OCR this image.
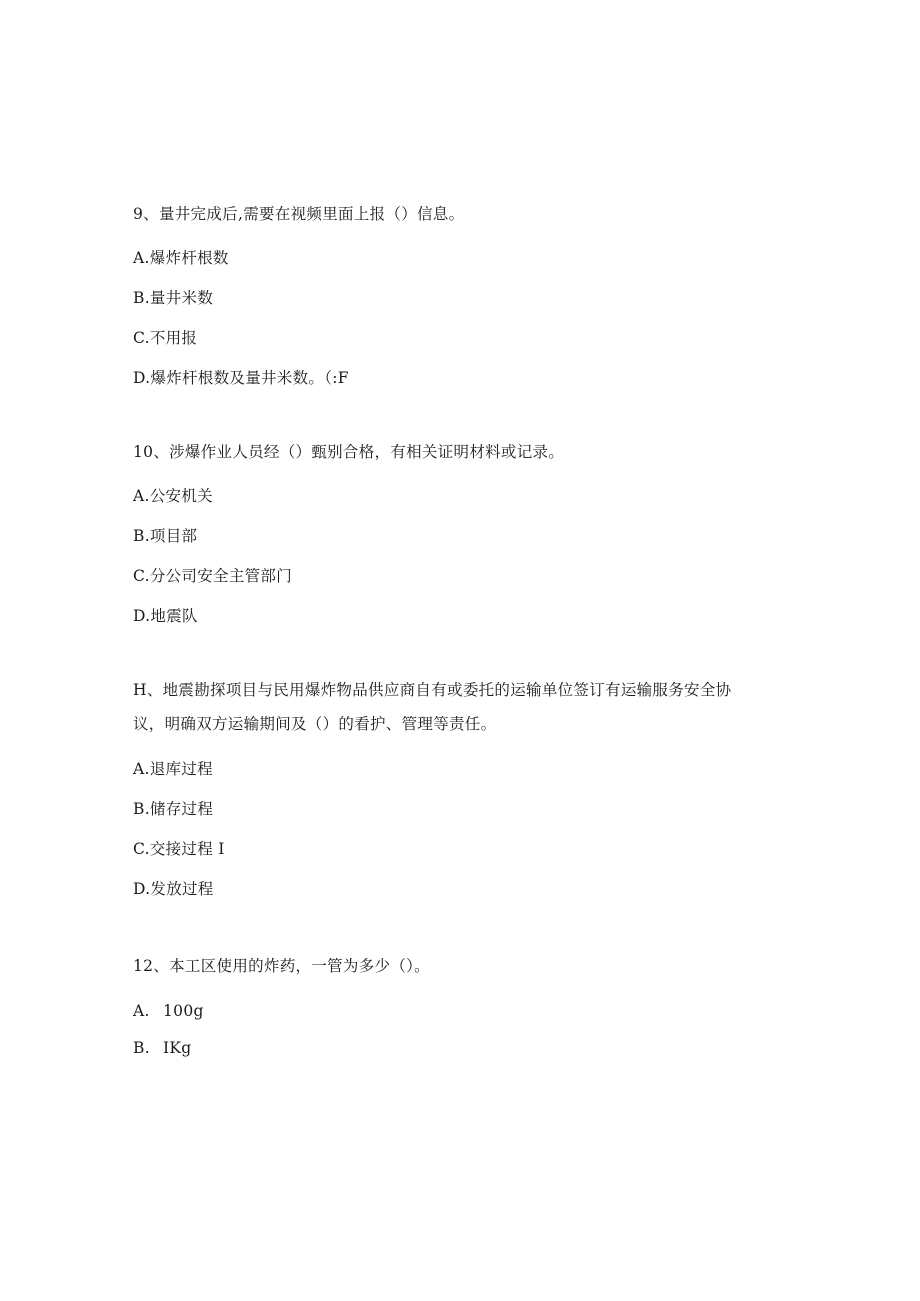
9、量井完成后,需要在视频里面上报（）信息。
A.爆炸杆根数
B.量井米数
C.不用报
D.爆炸杆根数及量井米数。（:F
10、涉爆作业人员经（）甄别合格，有相关证明材料或记录。
A.公安机关
B.项目部
C.分公司安全主管部门
D.地震队
H、地震勘探项目与民用爆炸物品供应商自有或委托的运输单位签订有运输服务安全协
议，明确双方运输期间及（）的看护、管理等责任。
A.退库过程
B.储存过程
C.交接过程 I
D.发放过程
12、本工区使用的炸药，一管为多少（）。
A. 100g
B. IKg
